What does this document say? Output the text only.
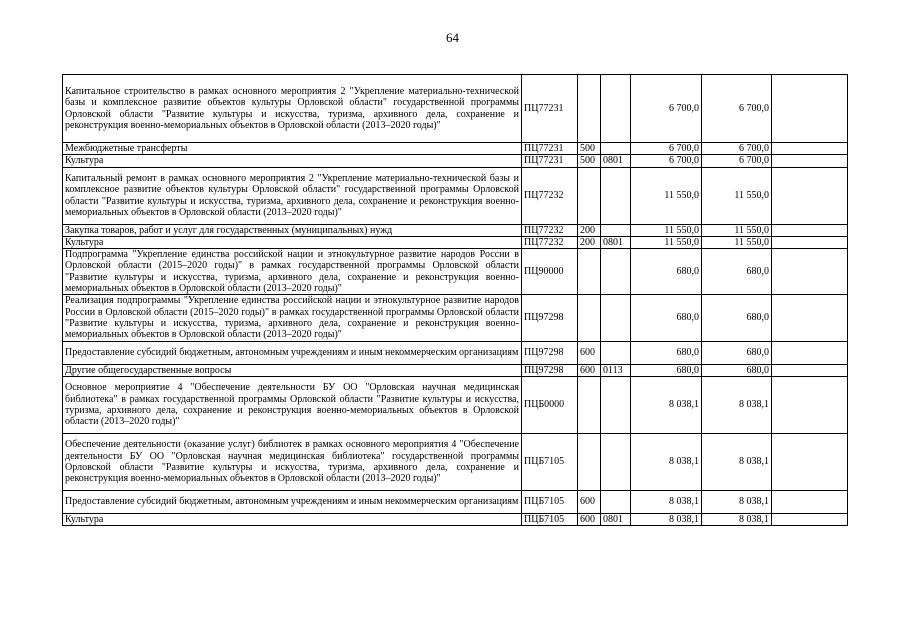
64
Капитальное строительство в рамках основного мероприятия 2 "Укрепление материально-технической базы и комплексное развитие объектов культуры Орловской области" государственной программы Орловской области "Развитие культуры и искусства, туризма, архивного дела, сохранение и реконструкция военно-мемориальных объектов в Орловской области (2013–2020 годы)"	ПЦ77231			6 700,0	6 700,0	
Межбюджетные трансферты	ПЦ77231	500		6 700,0	6 700,0	
Культура	ПЦ77231	500	0801	6 700,0	6 700,0	
Капитальный ремонт в рамках основного мероприятия 2 "Укрепление материально-технической базы и комплексное развитие объектов культуры Орловской области" государственной программы Орловской области "Развитие культуры и искусства, туризма, архивного дела, сохранение и реконструкция военно-мемориальных объектов в Орловской области (2013–2020 годы)"	ПЦ77232			11 550,0	11 550,0	
Закупка товаров, работ и услуг для государственных (муниципальных) нужд	ПЦ77232	200		11 550,0	11 550,0	
Культура	ПЦ77232	200	0801	11 550,0	11 550,0	
Подпрограмма "Укрепление единства российской нации и этнокультурное развитие народов России в Орловской области (2015–2020 годы)" в рамках государственной программы Орловской области "Развитие культуры и искусства, туризма, архивного дела, сохранение и реконструкция военно-мемориальных объектов в Орловской области (2013–2020 годы)"	ПЦ90000			680,0	680,0	
Реализация подпрограммы "Укрепление единства российской нации и этнокультурное развитие народов России в Орловской области (2015–2020 годы)" в рамках государственной программы Орловской области "Развитие культуры и искусства, туризма, архивного дела, сохранение и реконструкция военно-мемориальных объектов в Орловской области (2013–2020 годы)"	ПЦ97298			680,0	680,0	
Предоставление субсидий бюджетным, автономным учреждениям и иным некоммерческим организациям	ПЦ97298	600		680,0	680,0	
Другие общегосударственные вопросы	ПЦ97298	600	0113	680,0	680,0	
Основное мероприятие 4 "Обеспечение деятельности БУ ОО "Орловская научная медицинская библиотека" в рамках государственной программы Орловской области "Развитие культуры и искусства, туризма, архивного дела, сохранение и реконструкция военно-мемориальных объектов в Орловской области (2013–2020 годы)"	ПЦБ0000			8 038,1	8 038,1	
Обеспечение деятельности (оказание услуг) библиотек в рамках основного мероприятия 4 "Обеспечение деятельности БУ ОО "Орловская научная медицинская библиотека" государственной программы Орловской области "Развитие культуры и искусства, туризма, архивного дела, сохранение и реконструкция военно-мемориальных объектов в Орловской области (2013–2020 годы)"	ПЦБ7105			8 038,1	8 038,1	
Предоставление субсидий бюджетным, автономным учреждениям и иным некоммерческим организациям	ПЦБ7105	600		8 038,1	8 038,1	
Культура	ПЦБ7105	600	0801	8 038,1	8 038,1	
